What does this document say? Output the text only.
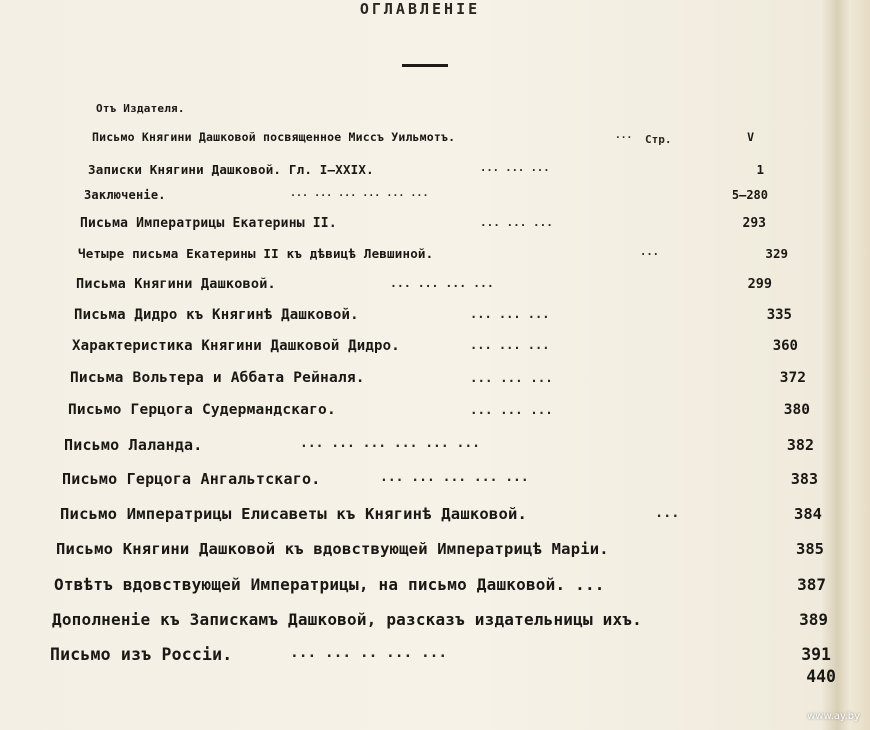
ОГЛАВЛЕНIЕ
Стр.
Отъ Издателя.
Письмо Княгини Дашковой посвященное Миссъ Уильмотъ.	...	V
Записки Княгини Дашковой. Гл. I—XXIX.	... ... ...	1
Заключенiе.	... ... ... ... ... ...	5—280
Письма Императрицы Екатерины II.	... ... ...	293
Четыре письма Екатерины II къ дѣвицѣ Левшиной.	...	329
Письма Княгини Дашковой.	... ... ... ...	299
Письма Дидро къ Княгинѣ Дашковой.	... ... ...	335
Характеристика Княгини Дашковой Дидро.	... ... ...	360
Письма Вольтера и Аббата Рейналя.	... ... ...	372
Письмо Герцога Судермандскаго.	... ... ...	380
Письмо Лаланда.	... ... ... ... ... ...	382
Письмо Герцога Ангальтскаго.	... ... ... ... ...	383
Письмо Императрицы Елисаветы къ Княгинѣ Дашковой.	...	384
Письмо Княгини Дашковой къ вдовствующей Императрицѣ Марiи.	385
Отвѣтъ вдовствующей Императрицы, на письмо Дашковой. ...	387
Дополненiе къ Запискамъ Дашковой, разсказъ издательницы ихъ.	389
Письмо изъ Россiи.	... ... .. ... ...	391
440
www.ay.by
